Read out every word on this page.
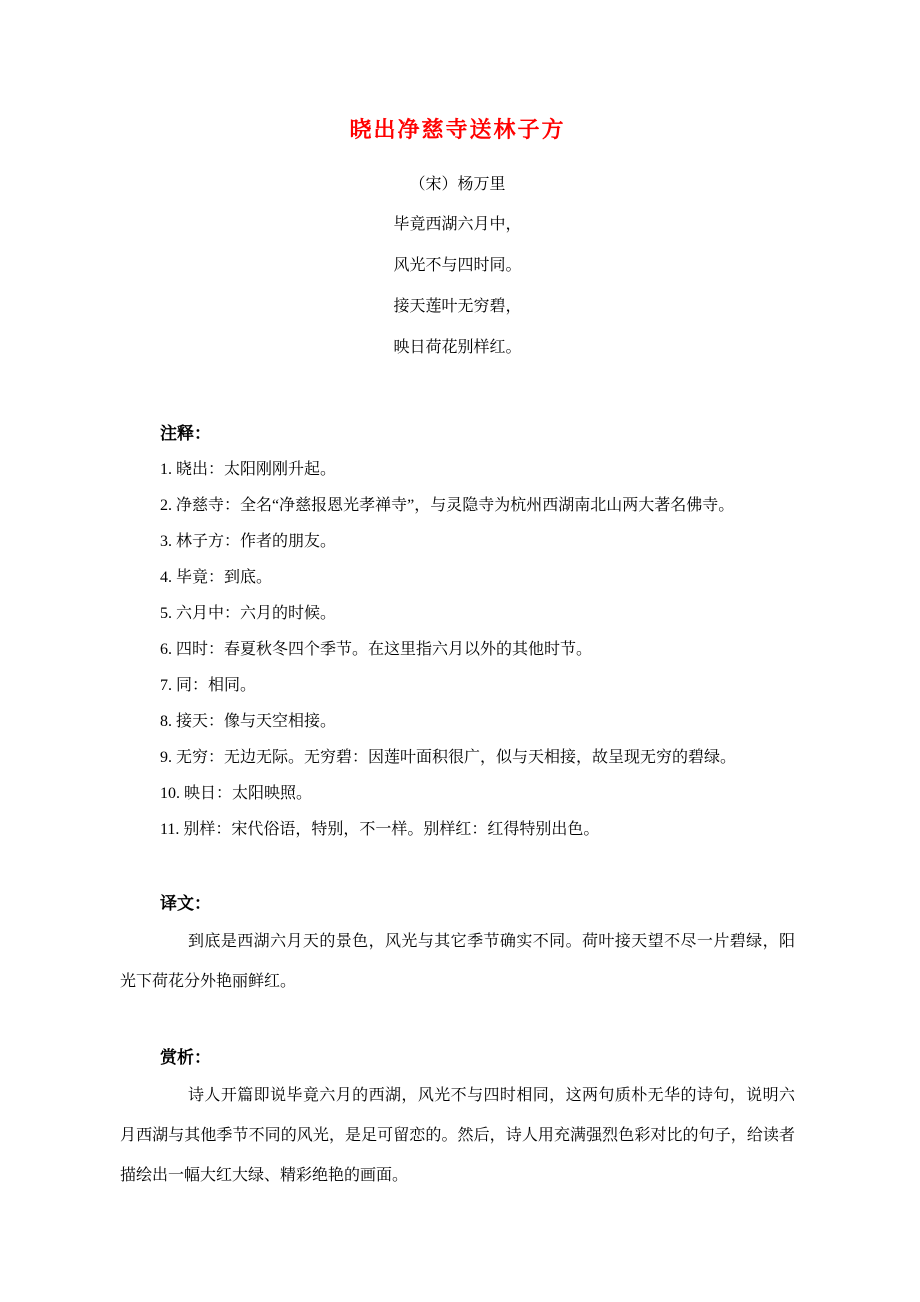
晓出净慈寺送林子方

（宋）杨万里

毕竟西湖六月中，

风光不与四时同。

接天莲叶无穷碧，

映日荷花别样红。

注释：

1. 晓出：太阳刚刚升起。

2. 净慈寺：全名“净慈报恩光孝禅寺”，与灵隐寺为杭州西湖南北山两大著名佛寺。

3. 林子方：作者的朋友。

4. 毕竟：到底。

5. 六月中：六月的时候。

6. 四时：春夏秋冬四个季节。在这里指六月以外的其他时节。

7. 同：相同。

8. 接天：像与天空相接。

9. 无穷：无边无际。无穷碧：因莲叶面积很广，似与天相接，故呈现无穷的碧绿。

10. 映日：太阳映照。

11. 别样：宋代俗语，特别，不一样。别样红：红得特别出色。

译文：

到底是西湖六月天的景色，风光与其它季节确实不同。荷叶接天望不尽一片碧绿，阳光下荷花分外艳丽鲜红。

赏析：

诗人开篇即说毕竟六月的西湖，风光不与四时相同，这两句质朴无华的诗句，说明六月西湖与其他季节不同的风光，是足可留恋的。然后，诗人用充满强烈色彩对比的句子，给读者描绘出一幅大红大绿、精彩绝艳的画面。
